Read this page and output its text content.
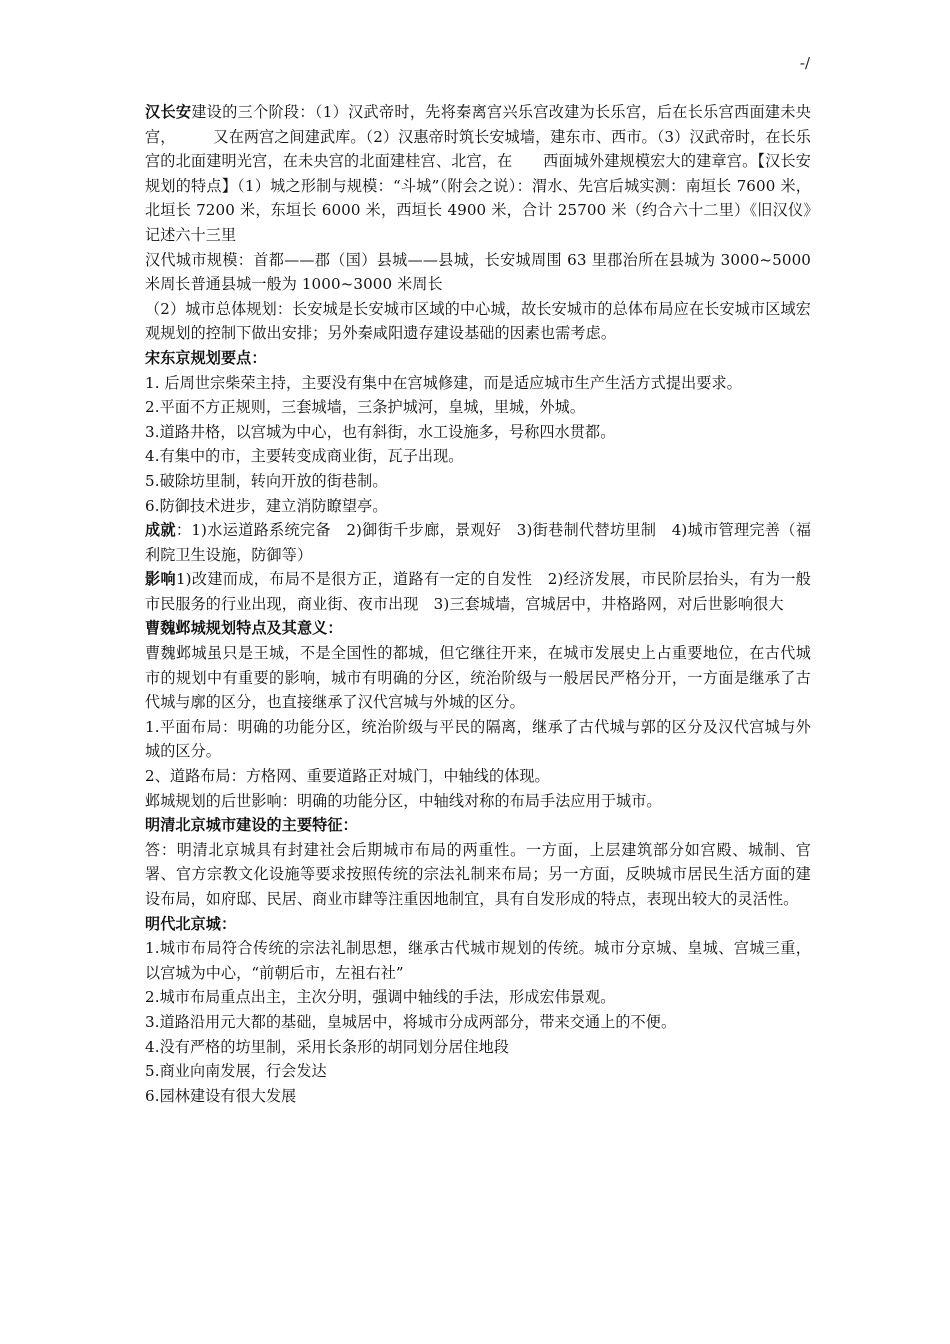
-/

汉长安建设的三个阶段：（1）汉武帝时，先将秦离宫兴乐宫改建为长乐宫，后在长乐宫西面建未央宫，　　　又在两宫之间建武库。（2）汉惠帝时筑长安城墙，建东市、西市。（3）汉武帝时，在长乐宫的北面建明光宫，在未央宫的北面建桂宫、北宫，在　　西面城外建规模宏大的建章宫。【汉长安规划的特点】（1）城之形制与规模：“斗城”（附会之说）：渭水、先宫后城实测：南垣长 7600 米，北垣长 7200 米，东垣长 6000 米，西垣长 4900 米，合计 25700 米（约合六十二里）《旧汉仪》记述六十三里

汉代城市规模：首都——郡（国）县城——县城，长安城周围 63 里郡治所在县城为 3000~5000 米周长普通县城一般为 1000~3000 米周长

（2）城市总体规划：长安城是长安城市区域的中心城，故长安城市的总体布局应在长安城市区域宏观规划的控制下做出安排；另外秦咸阳遗存建设基础的因素也需考虑。

宋东京规划要点：

1. 后周世宗柴荣主持，主要没有集中在宫城修建，而是适应城市生产生活方式提出要求。

2.平面不方正规则，三套城墙，三条护城河，皇城，里城，外城。

3.道路井格，以宫城为中心，也有斜街，水工设施多，号称四水贯都。

4.有集中的市，主要转变成商业街，瓦子出现。

5.破除坊里制，转向开放的街巷制。

6.防御技术进步，建立消防瞭望亭。

成就：1)水运道路系统完备　2)御街千步廊，景观好　3)街巷制代替坊里制　4)城市管理完善（福利院卫生设施，防御等）

影响1)改建而成，布局不是很方正，道路有一定的自发性　2)经济发展，市民阶层抬头，有为一般市民服务的行业出现，商业街、夜市出现　3)三套城墙，宫城居中，井格路网，对后世影响很大

曹魏邺城规划特点及其意义：

曹魏邺城虽只是王城，不是全国性的都城，但它继往开来，在城市发展史上占重要地位，在古代城市的规划中有重要的影响，城市有明确的分区，统治阶级与一般居民严格分开，一方面是继承了古代城与廓的区分，也直接继承了汉代宫城与外城的区分。

1.平面布局：明确的功能分区，统治阶级与平民的隔离，继承了古代城与郭的区分及汉代宫城与外城的区分。

2、道路布局：方格网、重要道路正对城门，中轴线的体现。

邺城规划的后世影响：明确的功能分区，中轴线对称的布局手法应用于城市。

明清北京城市建设的主要特征：

答：明清北京城具有封建社会后期城市布局的两重性。一方面，上层建筑部分如宫殿、城制、官署、官方宗教文化设施等要求按照传统的宗法礼制来布局；另一方面，反映城市居民生活方面的建设布局，如府邸、民居、商业市肆等注重因地制宜，具有自发形成的特点，表现出较大的灵活性。

明代北京城：

1.城市布局符合传统的宗法礼制思想，继承古代城市规划的传统。城市分京城、皇城、宫城三重，以宫城为中心，“前朝后市，左祖右社”

2.城市布局重点出主，主次分明，强调中轴线的手法，形成宏伟景观。

3.道路沿用元大都的基础，皇城居中，将城市分成两部分，带来交通上的不便。

4.没有严格的坊里制，采用长条形的胡同划分居住地段

5.商业向南发展，行会发达

6.园林建设有很大发展
